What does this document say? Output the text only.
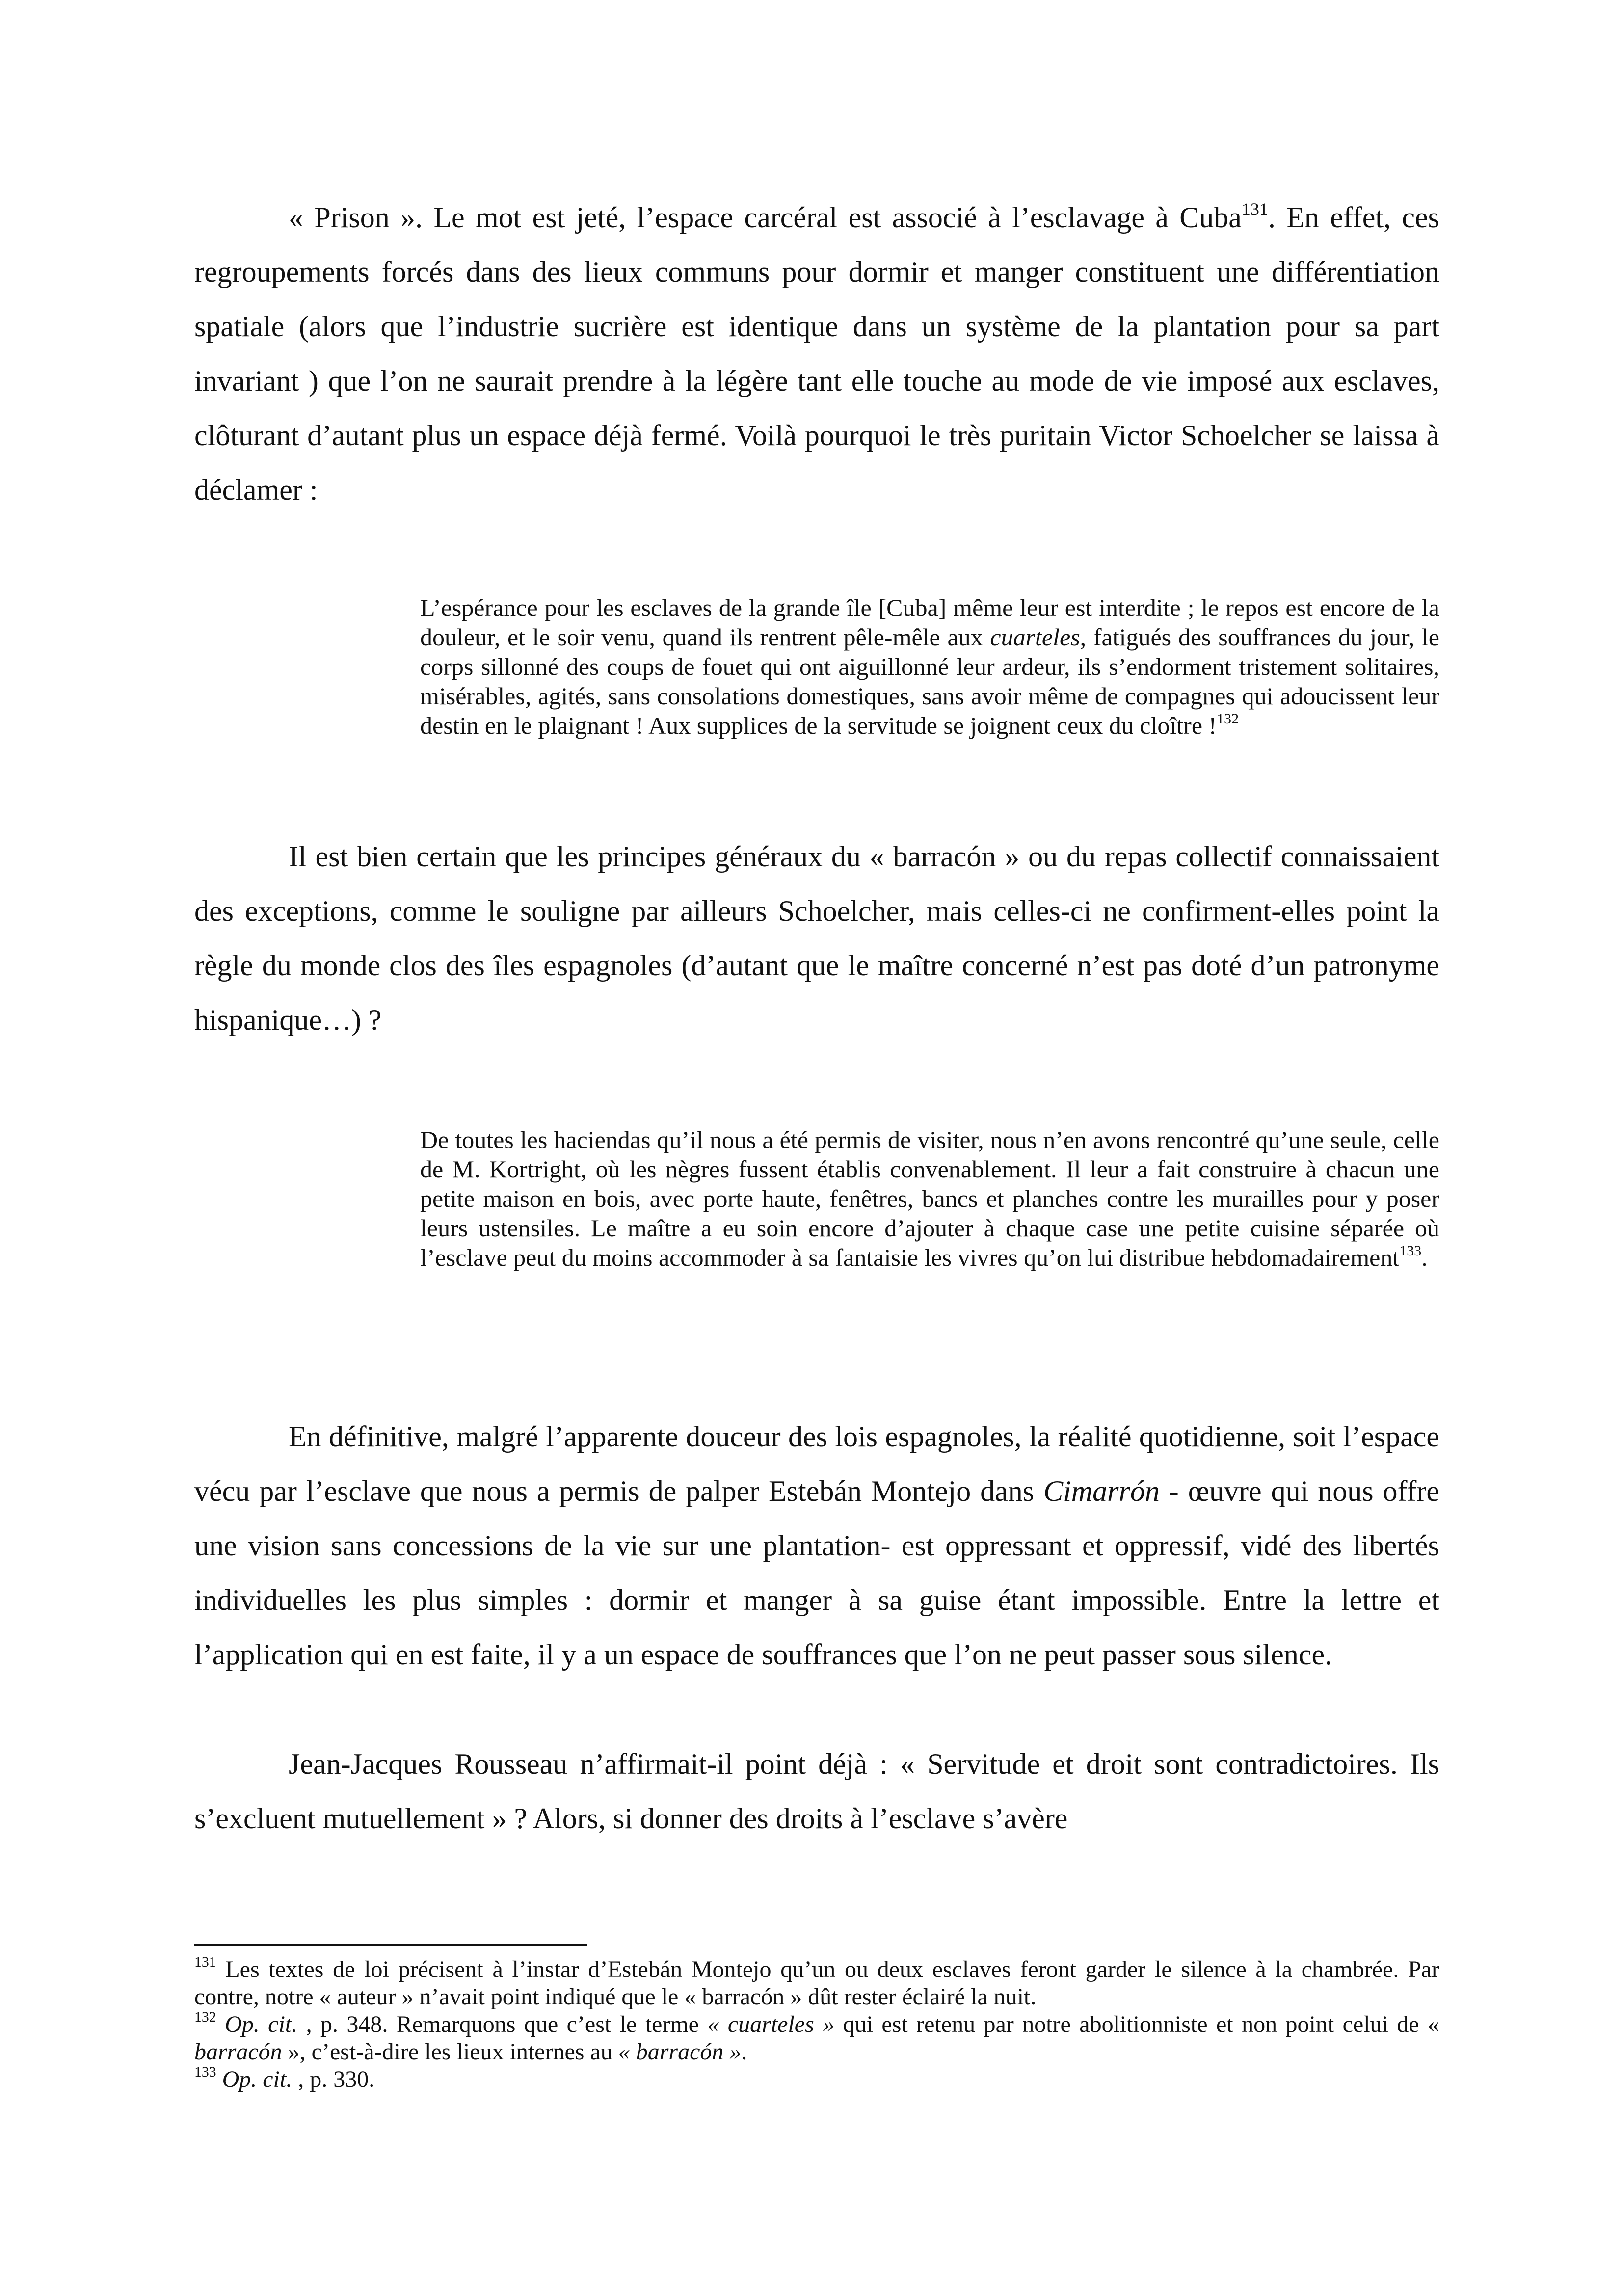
« Prison ». Le mot est jeté, l’espace carcéral est associé à l’esclavage à Cuba$^{131}$. En effet, ces regroupements forcés dans des lieux communs pour dormir et manger constituent une différentiation spatiale (alors que l’industrie sucrière est identique dans un système de la plantation pour sa part invariant ) que l’on ne saurait prendre à la légère tant elle touche au mode de vie imposé aux esclaves, clôturant d’autant plus un espace déjà fermé. Voilà pourquoi le très puritain Victor Schoelcher se laissa à déclamer :

L’espérance pour les esclaves de la grande île [Cuba] même leur est interdite ; le repos est encore de la douleur, et le soir venu, quand ils rentrent pêle-mêle aux cuarteles, fatigués des souffrances du jour, le corps sillonné des coups de fouet qui ont aiguillonné leur ardeur, ils s’endorment tristement solitaires, misérables, agités, sans consolations domestiques, sans avoir même de compagnes qui adoucissent leur destin en le plaignant ! Aux supplices de la servitude se joignent ceux du cloître !$^{132}$

Il est bien certain que les principes généraux du « barracón » ou du repas collectif connaissaient des exceptions, comme le souligne par ailleurs Schoelcher, mais celles-ci ne confirment-elles point la règle du monde clos des îles espagnoles (d’autant que le maître concerné n’est pas doté d’un patronyme hispanique…) ?

De toutes les haciendas qu’il nous a été permis de visiter, nous n’en avons rencontré qu’une seule, celle de M. Kortright, où les nègres fussent établis convenablement. Il leur a fait construire à chacun une petite maison en bois, avec porte haute, fenêtres, bancs et planches contre les murailles pour y poser leurs ustensiles. Le maître a eu soin encore d’ajouter à chaque case une petite cuisine séparée où l’esclave peut du moins accommoder à sa fantaisie les vivres qu’on lui distribue hebdomadairement$^{133}$.

En définitive, malgré l’apparente douceur des lois espagnoles, la réalité quotidienne, soit l’espace vécu par l’esclave que nous a permis de palper Estebán Montejo dans Cimarrón - œuvre qui nous offre une vision sans concessions de la vie sur une plantation- est oppressant et oppressif, vidé des libertés individuelles les plus simples : dormir et manger à sa guise étant impossible. Entre la lettre et l’application qui en est faite, il y a un espace de souffrances que l’on ne peut passer sous silence.

Jean-Jacques Rousseau n’affirmait-il point déjà : « Servitude et droit sont contradictoires. Ils s’excluent mutuellement » ? Alors, si donner des droits à l’esclave s’avère

$^{131}$ Les textes de loi précisent à l’instar d’Estebán Montejo qu’un ou deux esclaves feront garder le silence à la chambrée. Par contre, notre « auteur » n’avait point indiqué que le « barracón » dût rester éclairé la nuit.

$^{132}$ Op. cit. , p. 348. Remarquons que c’est le terme « cuarteles » qui est retenu par notre abolitionniste et non point celui de « barracón », c’est-à-dire les lieux internes au « barracón ».

$^{133}$ Op. cit. , p. 330.
